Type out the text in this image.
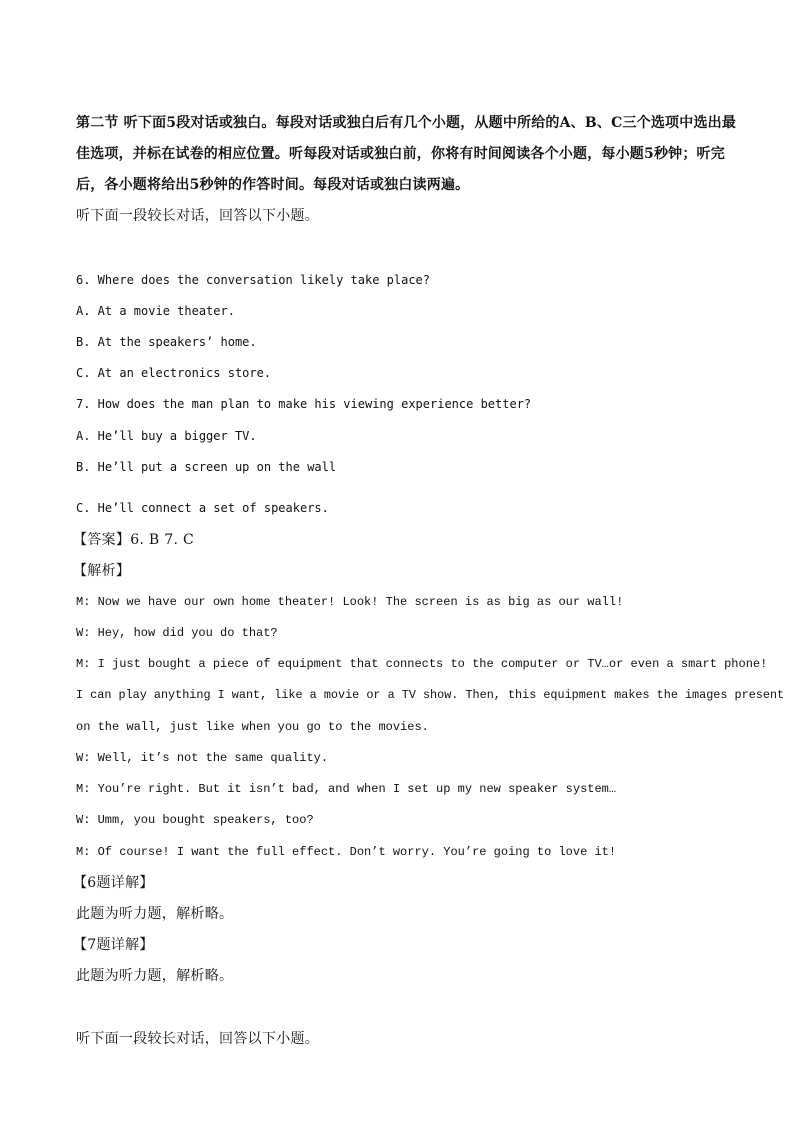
第二节 听下面5段对话或独白。每段对话或独白后有几个小题，从题中所给的A、B、C三个选项中选出最
佳选项，并标在试卷的相应位置。听每段对话或独白前，你将有时间阅读各个小题，每小题5秒钟；听完
后，各小题将给出5秒钟的作答时间。每段对话或独白读两遍。
听下面一段较长对话，回答以下小题。
6. Where does the conversation likely take place?
A. At a movie theater.
B. At the speakers’ home.
C. At an electronics store.
7. How does the man plan to make his viewing experience better?
A. He’ll buy a bigger TV.
B. He’ll put a screen up on the wall
C. He’ll connect a set of speakers.
【答案】6. B 7. C
【解析】
M: Now we have our own home theater! Look! The screen is as big as our wall!
W: Hey, how did you do that?
M: I just bought a piece of equipment that connects to the computer or TV…or even a smart phone!
I can play anything I want, like a movie or a TV show. Then, this equipment makes the images present
on the wall, just like when you go to the movies.
W: Well, it’s not the same quality.
M: You’re right. But it isn’t bad, and when I set up my new speaker system…
W: Umm, you bought speakers, too?
M: Of course! I want the full effect. Don’t worry. You’re going to love it!
【6题详解】
此题为听力题，解析略。
【7题详解】
此题为听力题，解析略。
听下面一段较长对话，回答以下小题。
